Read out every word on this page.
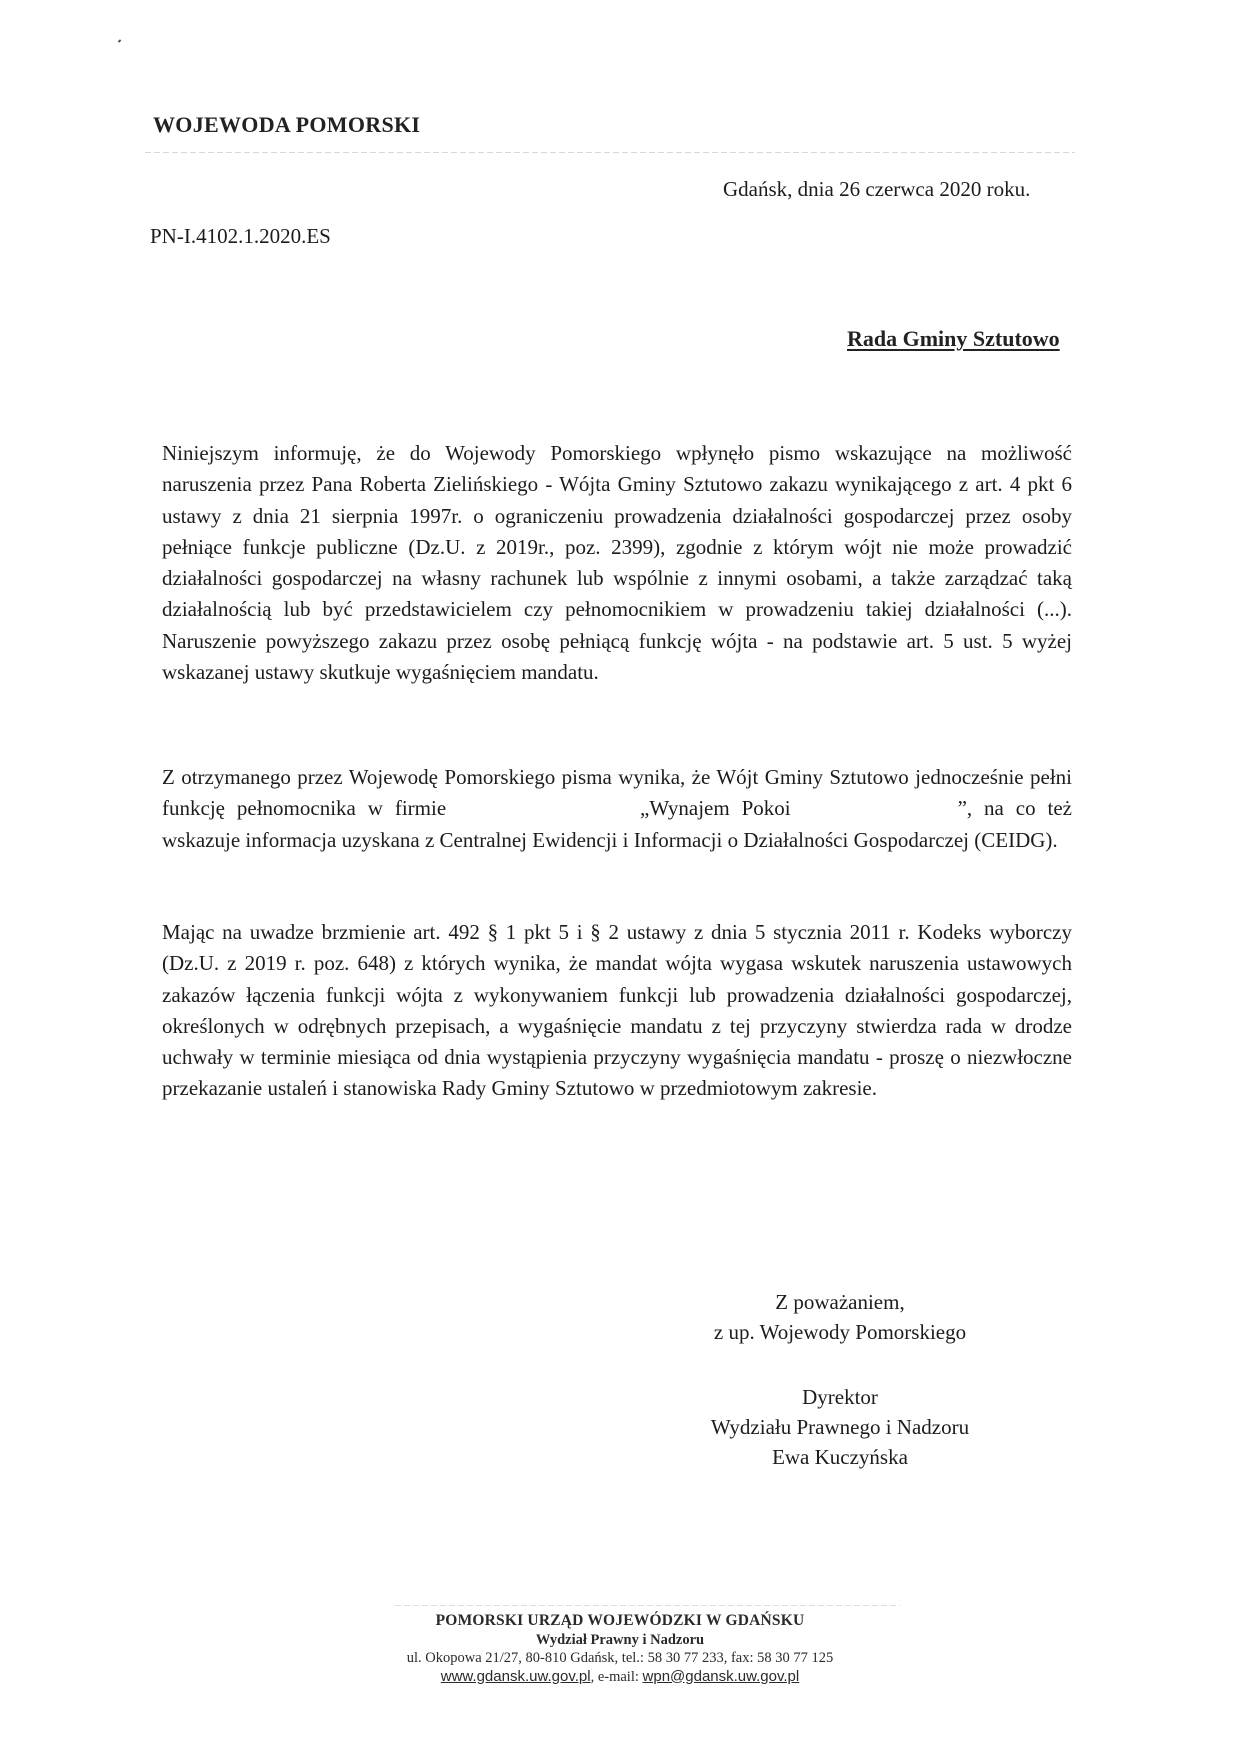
WOJEWODA POMORSKI
Gdańsk, dnia 26 czerwca 2020 roku.
PN-I.4102.1.2020.ES
Rada Gminy Sztutowo

Niniejszym informuję, że do Wojewody Pomorskiego wpłynęło pismo wskazujące na możliwość naruszenia przez Pana Roberta Zielińskiego - Wójta Gminy Sztutowo zakazu wynikającego z art. 4 pkt 6 ustawy z dnia 21 sierpnia 1997r. o ograniczeniu prowadzenia działalności gospodarczej przez osoby pełniące funkcje publiczne (Dz.U. z 2019r., poz. 2399), zgodnie z którym wójt nie może prowadzić działalności gospodarczej na własny rachunek lub wspólnie z innymi osobami, a także zarządzać taką działalnością lub być przedstawicielem czy pełnomocnikiem w prowadzeniu takiej działalności (...). Naruszenie powyższego zakazu przez osobę pełniącą funkcję wójta - na podstawie art. 5 ust. 5 wyżej wskazanej ustawy skutkuje wygaśnięciem mandatu.

Z otrzymanego przez Wojewodę Pomorskiego pisma wynika, że Wójt Gminy Sztutowo jednocześnie pełni funkcję pełnomocnika w firmie	„Wynajem Pokoi	”, na co też wskazuje informacja uzyskana z Centralnej Ewidencji i Informacji o Działalności Gospodarczej (CEIDG).

Mając na uwadze brzmienie art. 492 § 1 pkt 5 i § 2 ustawy z dnia 5 stycznia 2011 r. Kodeks wyborczy (Dz.U. z 2019 r. poz. 648) z których wynika, że mandat wójta wygasa wskutek naruszenia ustawowych zakazów łączenia funkcji wójta z wykonywaniem funkcji lub prowadzenia działalności gospodarczej, określonych w odrębnych przepisach, a wygaśnięcie mandatu z tej przyczyny stwierdza rada w drodze uchwały w terminie miesiąca od dnia wystąpienia przyczyny wygaśnięcia mandatu - proszę o niezwłoczne przekazanie ustaleń i stanowiska Rady Gminy Sztutowo w przedmiotowym zakresie.

Z poważaniem,
z up. Wojewody Pomorskiego
Dyrektor
Wydziału Prawnego i Nadzoru
Ewa Kuczyńska
POMORSKI URZĄD WOJEWÓDZKI W GDAŃSKU
Wydział Prawny i Nadzoru
ul. Okopowa 21/27, 80-810 Gdańsk, tel.: 58 30 77 233, fax: 58 30 77 125
www.gdansk.uw.gov.pl, e-mail: wpn@gdansk.uw.gov.pl
